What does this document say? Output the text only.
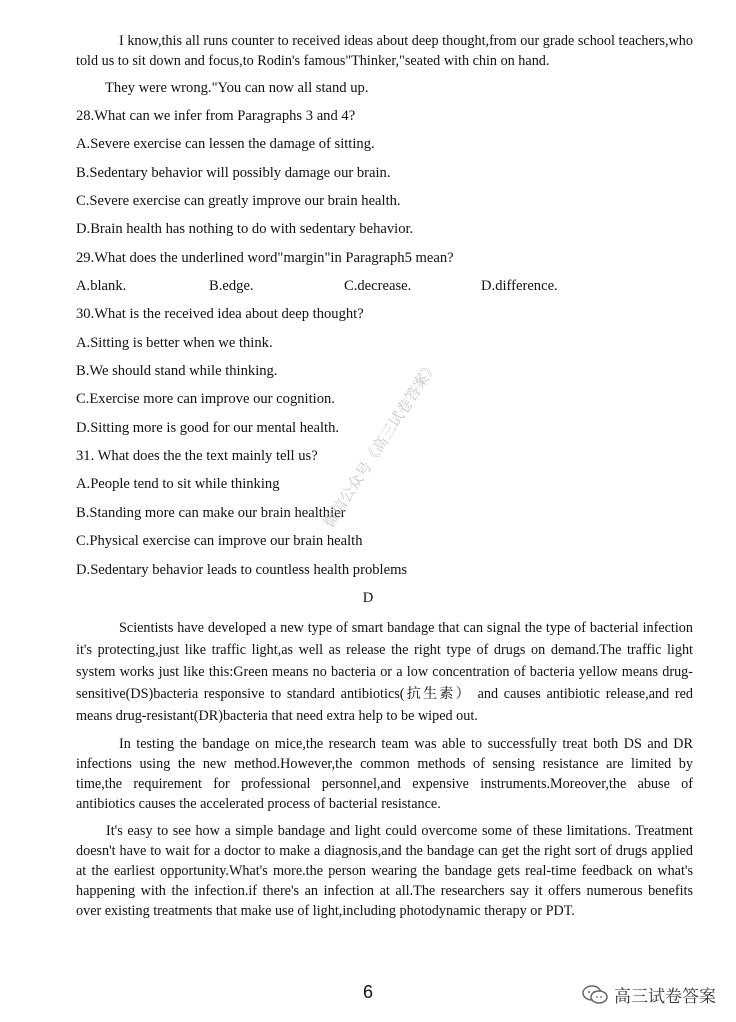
I know,this all runs counter to received ideas about deep thought,from our grade school teachers,who told us to sit down and focus,to Rodin's famous"Thinker,"seated with chin on hand.

They were wrong."You can now all stand up.
28.What can we infer from Paragraphs 3 and 4?
A.Severe exercise can lessen the damage of sitting.
B.Sedentary behavior will possibly damage our brain.
C.Severe exercise can greatly improve our brain health.
D.Brain health has nothing to do with sedentary behavior.
29.What does the underlined word"margin"in Paragraph5 mean?
A.blank.	B.edge.	C.decrease.	D.difference.
30.What is the received idea about deep thought?
A.Sitting is better when we think.
B.We should stand while thinking.
C.Exercise more can improve our cognition.
D.Sitting more is good for our mental health.
31. What does the the text mainly tell us?
A.People tend to sit while thinking
B.Standing more can make our brain healthier
C.Physical exercise can improve our brain health
D.Sedentary behavior leads to countless health problems
D

Scientists have developed a new type of smart bandage that can signal the type of bacterial infection it's protecting,just like traffic light,as well as release the right type of drugs on demand.The traffic light system works just like this:Green means no bacteria or a low concentration of bacteria yellow means drug-sensitive(DS)bacteria responsive to standard antibiotics(抗生素） and causes antibiotic release,and red means drug-resistant(DR)bacteria that need extra help to be wiped out.

In testing the bandage on mice,the research team was able to successfully treat both DS and DR infections using the new method.However,the common methods of sensing resistance are limited by time,the requirement for professional personnel,and expensive instruments.Moreover,the abuse of antibiotics causes the accelerated process of bacterial resistance.

It's easy to see how a simple bandage and light could overcome some of these limitations. Treatment doesn't have to wait for a doctor to make a diagnosis,and the bandage can get the right sort of drugs applied at the earliest opportunity.What's more.the person wearing the bandage gets real-time feedback on what's happening with the infection.if there's an infection at all.The researchers say it offers numerous benefits over existing treatments that make use of light,including photodynamic therapy or PDT.

微信公众号《高三试卷答案》
6	高三试卷答案
